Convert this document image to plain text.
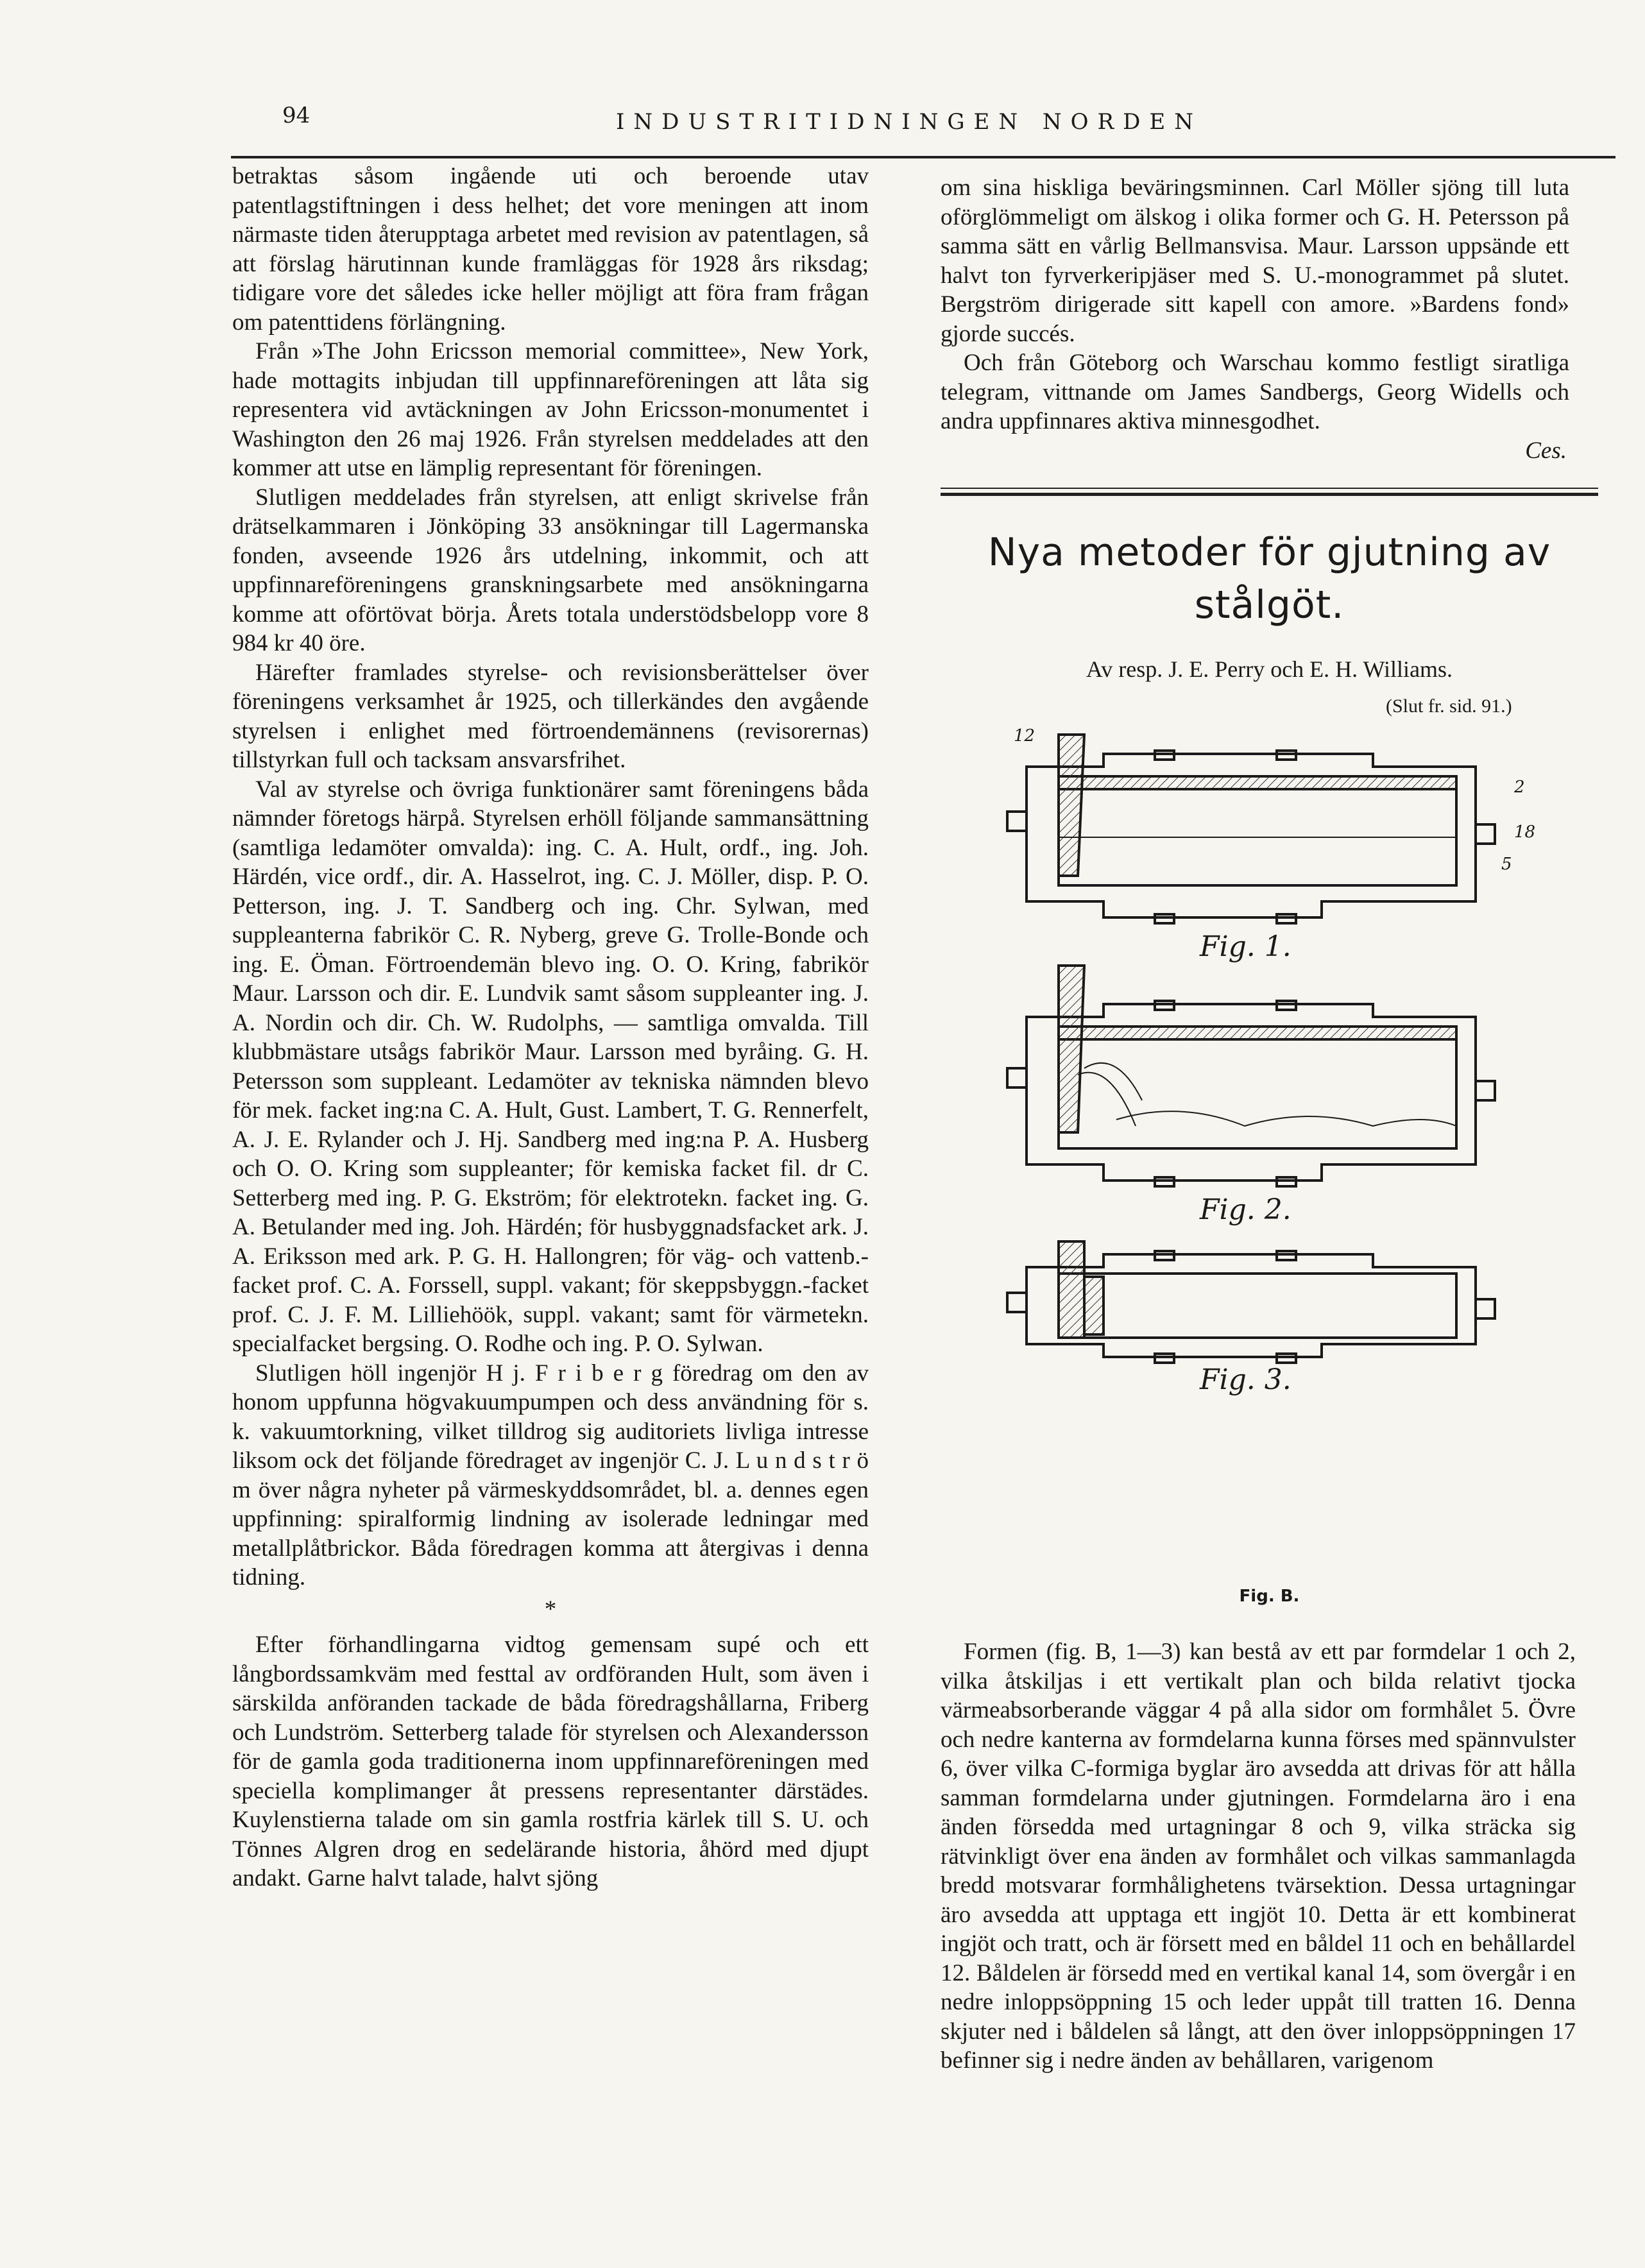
94	INDUSTRITIDNINGEN NORDEN

betraktas såsom ingående uti och beroende utav patentlagstiftningen i dess helhet; det vore meningen att inom närmaste tiden återupptaga arbetet med revision av patentlagen, så att förslag härutinnan kunde framläggas för 1928 års riksdag; tidigare vore det således icke heller möjligt att föra fram frågan om patenttidens förlängning.

Från »The John Ericsson memorial committee», New York, hade mottagits inbjudan till uppfinnareföreningen att låta sig representera vid avtäckningen av John Ericsson-monumentet i Washington den 26 maj 1926. Från styrelsen meddelades att den kommer att utse en lämplig representant för föreningen.

Slutligen meddelades från styrelsen, att enligt skrivelse från drätselkammaren i Jönköping 33 ansökningar till Lagermanska fonden, avseende 1926 års utdelning, inkommit, och att uppfinnareföreningens granskningsarbete med ansökningarna komme att oförtövat börja. Årets totala understödsbelopp vore 8 984 kr 40 öre.

Härefter framlades styrelse- och revisionsberättelser över föreningens verksamhet år 1925, och tillerkändes den avgående styrelsen i enlighet med förtroendemännens (revisorernas) tillstyrkan full och tacksam ansvarsfrihet.

Val av styrelse och övriga funktionärer samt föreningens båda nämnder företogs härpå. Styrelsen erhöll följande sammansättning (samtliga ledamöter omvalda): ing. C. A. Hult, ordf., ing. Joh. Härdén, vice ordf., dir. A. Hasselrot, ing. C. J. Möller, disp. P. O. Petterson, ing. J. T. Sandberg och ing. Chr. Sylwan, med suppleanterna fabrikör C. R. Nyberg, greve G. Trolle-Bonde och ing. E. Öman. Förtroendemän blevo ing. O. O. Kring, fabrikör Maur. Larsson och dir. E. Lundvik samt såsom suppleanter ing. J. A. Nordin och dir. Ch. W. Rudolphs, — samtliga omvalda. Till klubbmästare utsågs fabrikör Maur. Larsson med byråing. G. H. Petersson som suppleant. Ledamöter av tekniska nämnden blevo för mek. facket ing:na C. A. Hult, Gust. Lambert, T. G. Rennerfelt, A. J. E. Rylander och J. Hj. Sandberg med ing:na P. A. Husberg och O. O. Kring som suppleanter; för kemiska facket fil. dr C. Setterberg med ing. P. G. Ekström; för elektrotekn. facket ing. G. A. Betulander med ing. Joh. Härdén; för husbyggnadsfacket ark. J. A. Eriksson med ark. P. G. H. Hallongren; för väg- och vattenb.-facket prof. C. A. Forssell, suppl. vakant; för skeppsbyggn.-facket prof. C. J. F. M. Lilliehöök, suppl. vakant; samt för värmetekn. specialfacket bergsing. O. Rodhe och ing. P. O. Sylwan.

Slutligen höll ingenjör H j. F r i b e r g föredrag om den av honom uppfunna högvakuumpumpen och dess användning för s. k. vakuumtorkning, vilket tilldrog sig auditoriets livliga intresse liksom ock det följande föredraget av ingenjör C. J. L u n d s t r ö m över några nyheter på värmeskyddsområdet, bl. a. dennes egen uppfinning: spiralformig lindning av isolerade ledningar med metallplåtbrickor. Båda föredragen komma att återgivas i denna tidning.

*

Efter förhandlingarna vidtog gemensam supé och ett långbordssamkväm med festtal av ordföranden Hult, som även i särskilda anföranden tackade de båda föredragshållarna, Friberg och Lundström. Setterberg talade för styrelsen och Alexandersson för de gamla goda traditionerna inom uppfinnareföreningen med speciella komplimanger åt pressens representanter därstädes. Kuylenstierna talade om sin gamla rostfria kärlek till S. U. och Tönnes Algren drog en sedelärande historia, åhörd med djupt andakt. Garne halvt talade, halvt sjöng

om sina hiskliga beväringsminnen. Carl Möller sjöng till luta oförglömmeligt om älskog i olika former och G. H. Petersson på samma sätt en vårlig Bellmansvisa. Maur. Larsson uppsände ett halvt ton fyrverkeripjäser med S. U.-monogrammet på slutet. Bergström dirigerade sitt kapell con amore. »Bardens fond» gjorde succés.

Och från Göteborg och Warschau kommo festligt siratliga telegram, vittnande om James Sandbergs, Georg Widells och andra uppfinnares aktiva minnesgodhet.

Ces.
Nya metoder för gjutning av
stålgöt.
Av resp. J. E. Perry och E. H. Williams.
(Slut fr. sid. 91.)
12
2
18
5
Fig. 1.
Fig. 2.
Fig. 3.
Fig. B.

Formen (fig. B, 1—3) kan bestå av ett par formdelar 1 och 2, vilka åtskiljas i ett vertikalt plan och bilda relativt tjocka värmeabsorberande väggar 4 på alla sidor om formhålet 5. Övre och nedre kanterna av formdelarna kunna förses med spännvulster 6, över vilka C-formiga byglar äro avsedda att drivas för att hålla samman formdelarna under gjutningen. Formdelarna äro i ena änden försedda med urtagningar 8 och 9, vilka sträcka sig rätvinkligt över ena änden av formhålet och vilkas sammanlagda bredd motsvarar formhålighetens tvärsektion. Dessa urtagningar äro avsedda att upptaga ett ingjöt 10. Detta är ett kombinerat ingjöt och tratt, och är försett med en båldel 11 och en behållardel 12. Båldelen är försedd med en vertikal kanal 14, som övergår i en nedre inloppsöppning 15 och leder uppåt till tratten 16. Denna skjuter ned i båldelen så långt, att den över inloppsöppningen 17 befinner sig i nedre änden av behållaren, varigenom
